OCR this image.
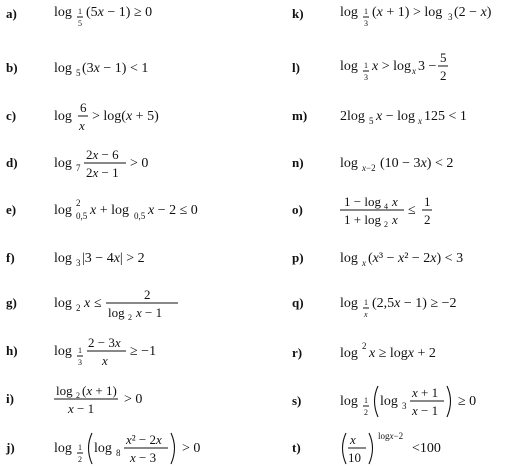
a)	log 1
5
(5x − 1) ≥ 0
b)	log 5 (3x − 1) < 1
c)	log
6
x
> log(x + 5)
d)	log 7
2x − 6
2x − 1
> 0
e)	log 2
0,5 x + log 0,5 x − 2 ≤ 0
f)	log 3 |3 − 4x| > 2
g)	log 2 x ≤
2
log 2 x − 1
h)	log 1
3
2 − 3x
x
≥ −1
i)
log 2 (x + 1)
x − 1
> 0
j)	log 1
2
log 8
x² − 2x
x − 3
> 0
k)	log 1
3
(x + 1) > log 3 (2 − x)
l)	log 1
3
x > log x 3 −
5
2
m) 2log 5 x − log x 125 < 1
n)	log x−2 (10 − 3x) < 2
o)
1 − log 4 x
1 + log 2 x
≤
1
2
p)	log x (x³ − x² − 2x) < 3
q)	log 1
x
(2,5x − 1) ≥ −2
r)	log 2 x ≥ logx + 2
s)	log 1
2
log 3
x + 1
x − 1
≥ 0
t)
x
10
logx−2
<100
